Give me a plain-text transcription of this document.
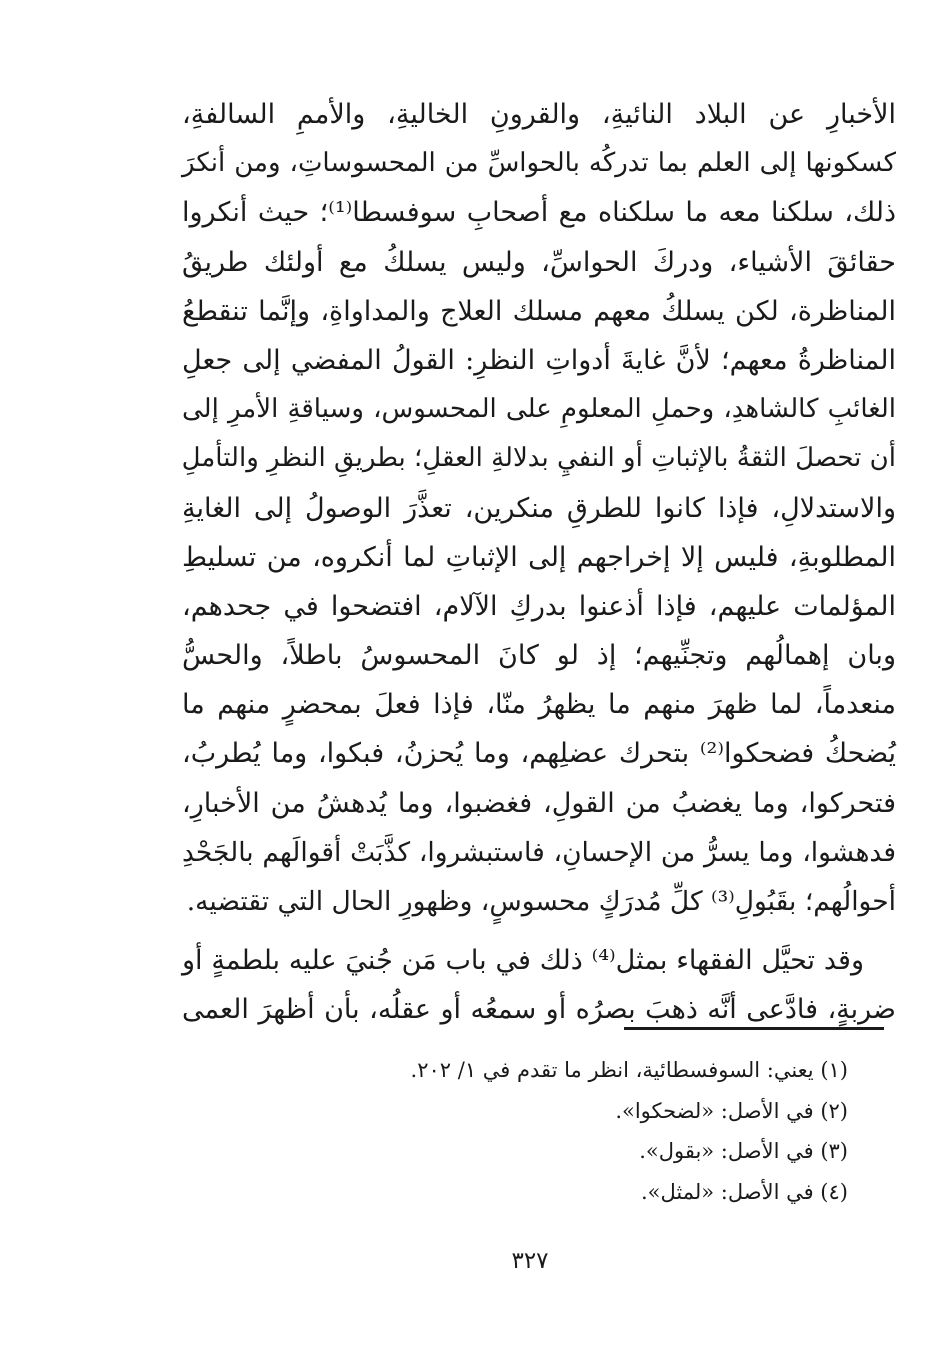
الأخبارِ عن البلاد النائيةِ، والقرونِ الخاليةِ، والأممِ السالفةِ،
كسكونها إلى العلم بما تدركُه بالحواسِّ من المحسوساتِ، ومن أنكرَ
ذلك، سلكنا معه ما سلكناه مع أصحابِ سوفسطا⁽¹⁾؛ حيث أنكروا
حقائقَ الأشياء، ودركَ الحواسِّ، وليس يسلكُ مع أولئك طريقُ
المناظرة، لكن يسلكُ معهم مسلك العلاج والمداواةِ، وإنَّما تنقطعُ
المناظرةُ معهم؛ لأنَّ غايةَ أدواتِ النظرِ: القولُ المفضي إلى جعلِ
الغائبِ كالشاهدِ، وحملِ المعلومِ على المحسوس، وسياقةِ الأمرِ إلى
أن تحصلَ الثقةُ بالإثباتِ أو النفيِ بدلالةِ العقلِ؛ بطريقِ النظرِ والتأملِ
والاستدلالِ، فإذا كانوا للطرقِ منكرين، تعذَّرَ الوصولُ إلى الغايةِ
المطلوبةِ، فليس إلا إخراجهم إلى الإثباتِ لما أنكروه، من تسليطِ
المؤلمات عليهم، فإذا أذعنوا بدركِ الآلام، افتضحوا في جحدهم،
وبان إهمالُهم وتجنِّيهم؛ إذ لو كانَ المحسوسُ باطلاً، والحسُّ
منعدماً، لما ظهرَ منهم ما يظهرُ منّا، فإذا فعلَ بمحضرٍ منهم ما
يُضحكُ فضحكوا⁽²⁾ بتحرك عضلِهم، وما يُحزنُ، فبكوا، وما يُطربُ،
فتحركوا، وما يغضبُ من القولِ، فغضبوا، وما يُدهشُ من الأخبارِ،
فدهشوا، وما يسرُّ من الإحسانِ، فاستبشروا، كذَّبَتْ أقوالَهم بالجَحْدِ
أحوالُهم؛ بقَبُولِ⁽³⁾ كلِّ مُدرَكٍ محسوسٍ، وظهورِ الحال التي تقتضيه.
وقد تحيَّل الفقهاء بمثل⁽⁴⁾ ذلك في باب مَن جُنيَ عليه بلطمةٍ أو
ضربةٍ، فادَّعى أنَّه ذهبَ بصرُه أو سمعُه أو عقلُه، بأن أظهرَ العمى
(١) يعني: السوفسطائية، انظر ما تقدم في ١/ ٢٠٢.
(٢) في الأصل: «لضحكوا».
(٣) في الأصل: «بقول».
(٤) في الأصل: «لمثل».
٣٢٧
